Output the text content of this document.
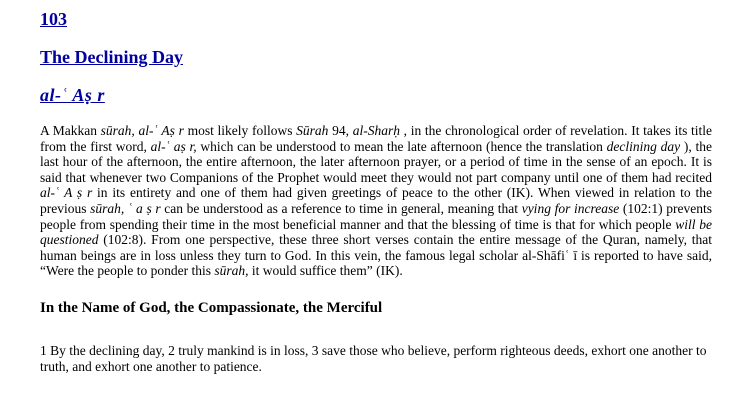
103
The Declining Day
al-ʿ Aṣ r

A Makkan sūrah, al-ʿ Aṣ r most likely follows Sūrah 94, al-Sharḥ , in the chronological order of revelation. It takes its title from the first word, al-ʿ aṣ r, which can be understood to mean the late afternoon (hence the translation declining day ), the last hour of the afternoon, the entire afternoon, the later afternoon prayer, or a period of time in the sense of an epoch. It is said that whenever two Companions of the Prophet would meet they would not part company until one of them had recited al-ʿ A ṣ r in its entirety and one of them had given greetings of peace to the other (IK). When viewed in relation to the previous sūrah, ʿ a ṣ r can be understood as a reference to time in general, meaning that vying for increase (102:1) prevents people from spending their time in the most beneficial manner and that the blessing of time is that for which people will be questioned (102:8). From one perspective, these three short verses contain the entire message of the Quran, namely, that human beings are in loss unless they turn to God. In this vein, the famous legal scholar al-Shāfiʿ ī is reported to have said, “Were the people to ponder this sūrah, it would suffice them” (IK).

In the Name of God, the Compassionate, the Merciful

1 By the declining day, 2 truly mankind is in loss, 3 save those who believe, perform righteous deeds, exhort one another to truth, and exhort one another to patience.
